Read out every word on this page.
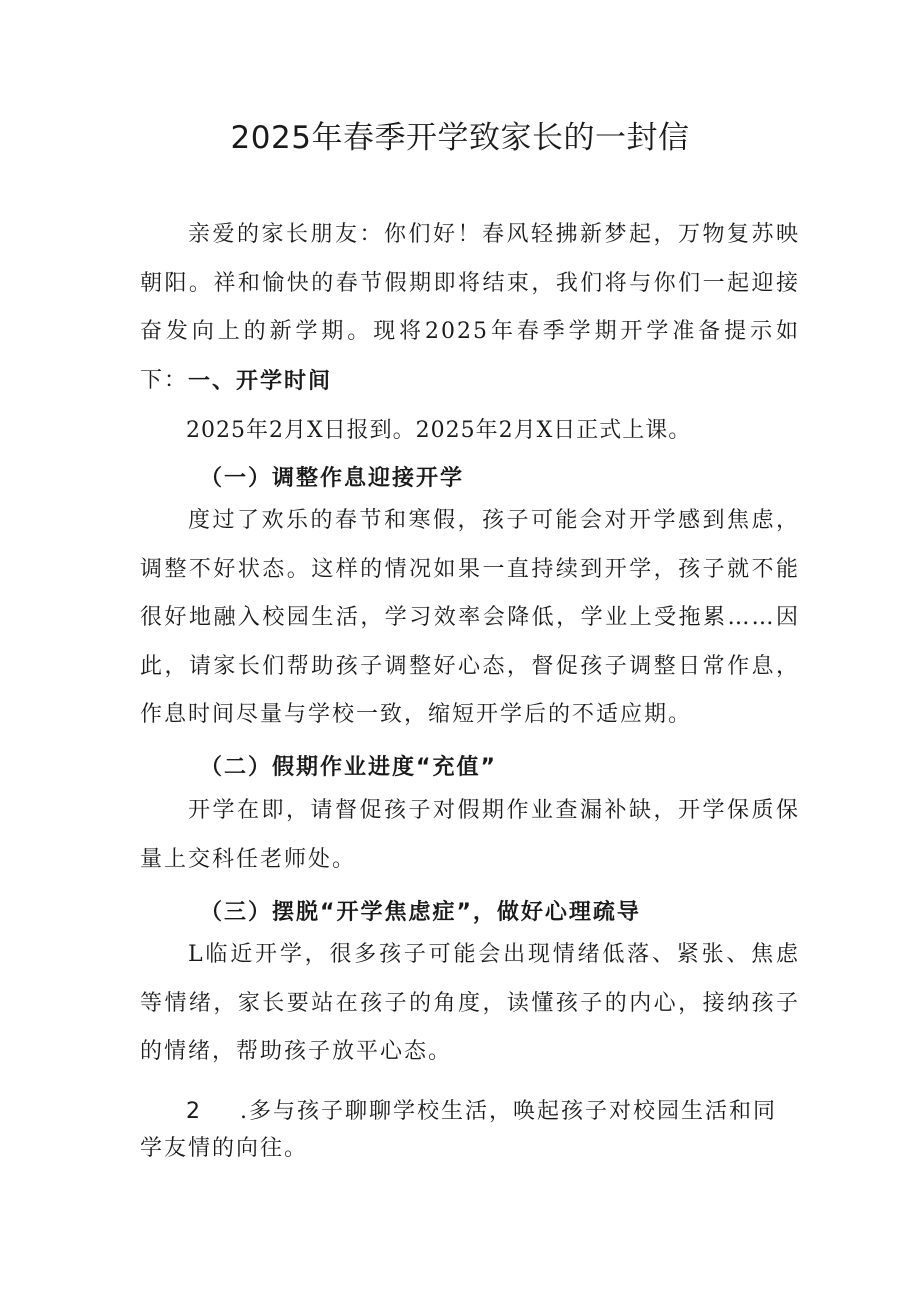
2025年春季开学致家长的一封信

亲爱的家长朋友：你们好！春风轻拂新梦起，万物复苏映朝阳。祥和愉快的春节假期即将结束，我们将与你们一起迎接奋发向上的新学期。现将2025年春季学期开学准备提示如下： 一、开学时间

2025年2月X日报到。2025年2月X日正式上课。

（一）调整作息迎接开学

度过了欢乐的春节和寒假，孩子可能会对开学感到焦虑，调整不好状态。这样的情况如果一直持续到开学，孩子就不能很好地融入校园生活，学习效率会降低，学业上受拖累……因此，请家长们帮助孩子调整好心态，督促孩子调整日常作息，作息时间尽量与学校一致，缩短开学后的不适应期。

（二）假期作业进度“充值”

开学在即，请督促孩子对假期作业查漏补缺，开学保质保量上交科任老师处。

（三）摆脱“开学焦虑症”，做好心理疏导

L临近开学，很多孩子可能会出现情绪低落、紧张、焦虑等情绪，家长要站在孩子的角度，读懂孩子的内心，接纳孩子的情绪，帮助孩子放平心态。

2 .多与孩子聊聊学校生活，唤起孩子对校园生活和同学友情的向往。
